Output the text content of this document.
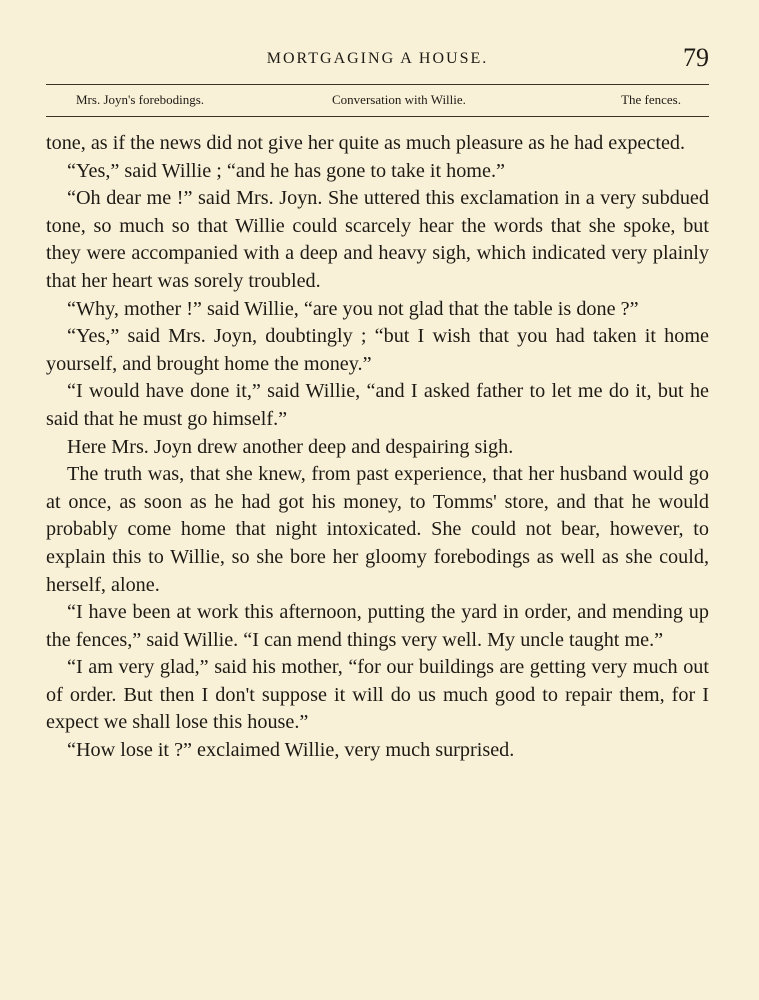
MORTGAGING A HOUSE.	79
Mrs. Joyn's forebodings.	Conversation with Willie.	The fences.

tone, as if the news did not give her quite as much pleasure as he had expected.

“Yes,” said Willie ; “and he has gone to take it home.”

“Oh dear me !” said Mrs. Joyn. She uttered this exclamation in a very subdued tone, so much so that Willie could scarcely hear the words that she spoke, but they were accompanied with a deep and heavy sigh, which indicated very plainly that her heart was sorely troubled.

“Why, mother !” said Willie, “are you not glad that the table is done ?”

“Yes,” said Mrs. Joyn, doubtingly ; “but I wish that you had taken it home yourself, and brought home the money.”

“I would have done it,” said Willie, “and I asked father to let me do it, but he said that he must go himself.”

Here Mrs. Joyn drew another deep and despairing sigh.

The truth was, that she knew, from past experience, that her husband would go at once, as soon as he had got his money, to Tomms' store, and that he would probably come home that night intoxicated. She could not bear, however, to explain this to Willie, so she bore her gloomy forebodings as well as she could, herself, alone.

“I have been at work this afternoon, putting the yard in order, and mending up the fences,” said Willie. “I can mend things very well. My uncle taught me.”

“I am very glad,” said his mother, “for our buildings are getting very much out of order. But then I don't suppose it will do us much good to repair them, for I expect we shall lose this house.”

“How lose it ?” exclaimed Willie, very much surprised.
